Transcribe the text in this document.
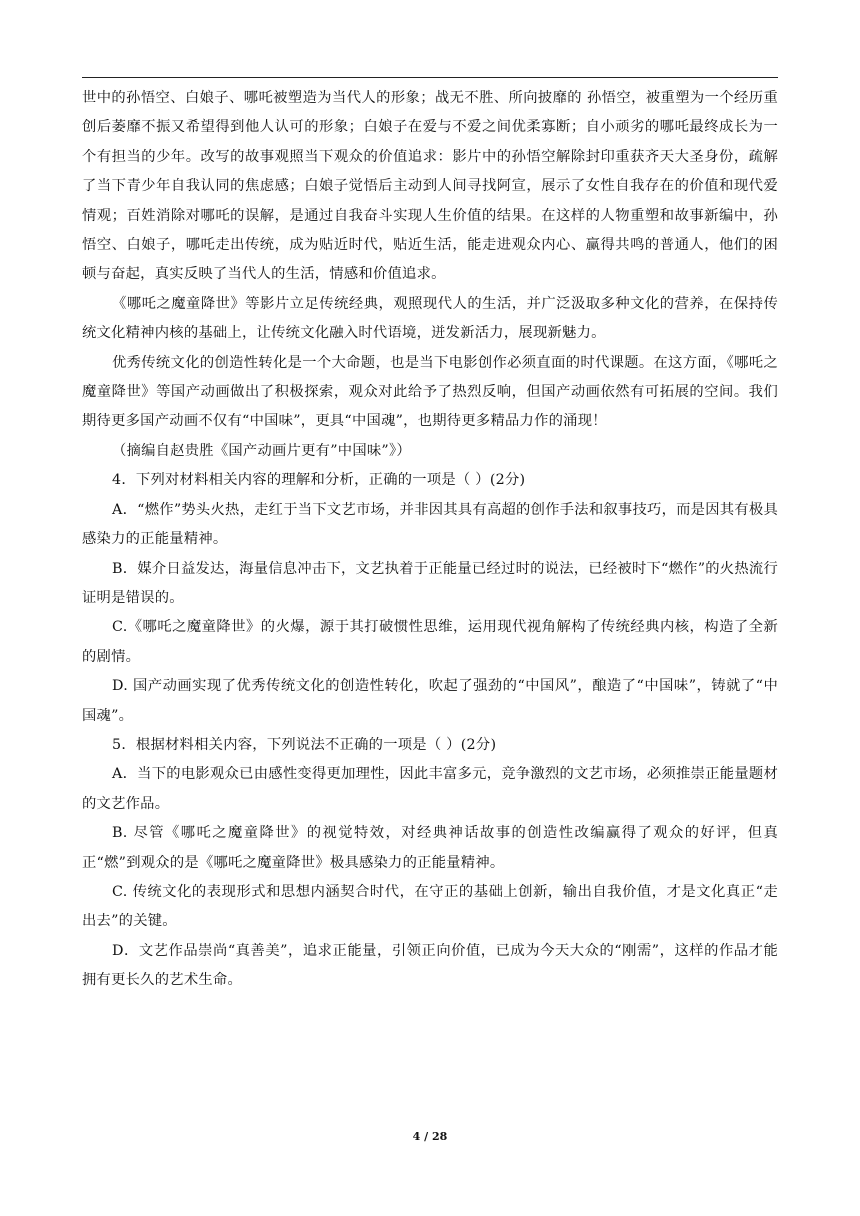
世中的孙悟空、白娘子、哪吒被塑造为当代人的形象；战无不胜、所向披靡的 孙悟空，被重塑为一个经历重创后萎靡不振又希望得到他人认可的形象；白娘子在爱与不爱之间优柔寡断；自小顽劣的哪吒最终成长为一个有担当的少年。改写的故事观照当下观众的价值追求：影片中的孙悟空解除封印重获齐天大圣身份，疏解了当下青少年自我认同的焦虑感；白娘子觉悟后主动到人间寻找阿宣，展示了女性自我存在的价值和现代爱情观；百姓消除对哪吒的误解，是通过自我奋斗实现人生价值的结果。在这样的人物重塑和故事新编中，孙悟空、白娘子，哪吒走出传统，成为贴近时代，贴近生活，能走进观众内心、赢得共鸣的普通人，他们的困顿与奋起，真实反映了当代人的生活，情感和价值追求。

《哪吒之魔童降世》等影片立足传统经典，观照现代人的生活，并广泛汲取多种文化的营养，在保持传统文化精神内核的基础上，让传统文化融入时代语境，迸发新活力，展现新魅力。

优秀传统文化的创造性转化是一个大命题，也是当下电影创作必须直面的时代课题。在这方面，《哪吒之魔童降世》等国产动画做出了积极探索，观众对此给予了热烈反响，但国产动画依然有可拓展的空间。我们期待更多国产动画不仅有“中国味”，更具“中国魂”，也期待更多精品力作的涌现！

（摘编自赵贵胜《国产动画片更有”中国味”》）

4．下列对材料相关内容的理解和分析，正确的一项是（ ）(2分)

A．“燃作”势头火热，走红于当下文艺市场，并非因其具有高超的创作手法和叙事技巧，而是因其有极具感染力的正能量精神。

B．媒介日益发达，海量信息冲击下，文艺执着于正能量已经过时的说法，已经被时下“燃作”的火热流行证明是错误的。

C.《哪吒之魔童降世》的火爆，源于其打破惯性思维，运用现代视角解构了传统经典内核，构造了全新的剧情。

D. 国产动画实现了优秀传统文化的创造性转化，吹起了强劲的“中国风”，酿造了“中国味”，铸就了“中国魂”。

5．根据材料相关内容，下列说法不正确的一项是（ ）(2分)

A．当下的电影观众已由感性变得更加理性，因此丰富多元，竞争激烈的文艺市场，必须推崇正能量题材的文艺作品。

B. 尽管《哪吒之魔童降世》的视觉特效，对经典神话故事的创造性改编赢得了观众的好评，但真正“燃”到观众的是《哪吒之魔童降世》极具感染力的正能量精神。

C. 传统文化的表现形式和思想内涵契合时代，在守正的基础上创新，输出自我价值，才是文化真正“走出去”的关键。

D．文艺作品崇尚“真善美”，追求正能量，引领正向价值，已成为今天大众的“刚需”，这样的作品才能拥有更长久的艺术生命。

4 / 28
